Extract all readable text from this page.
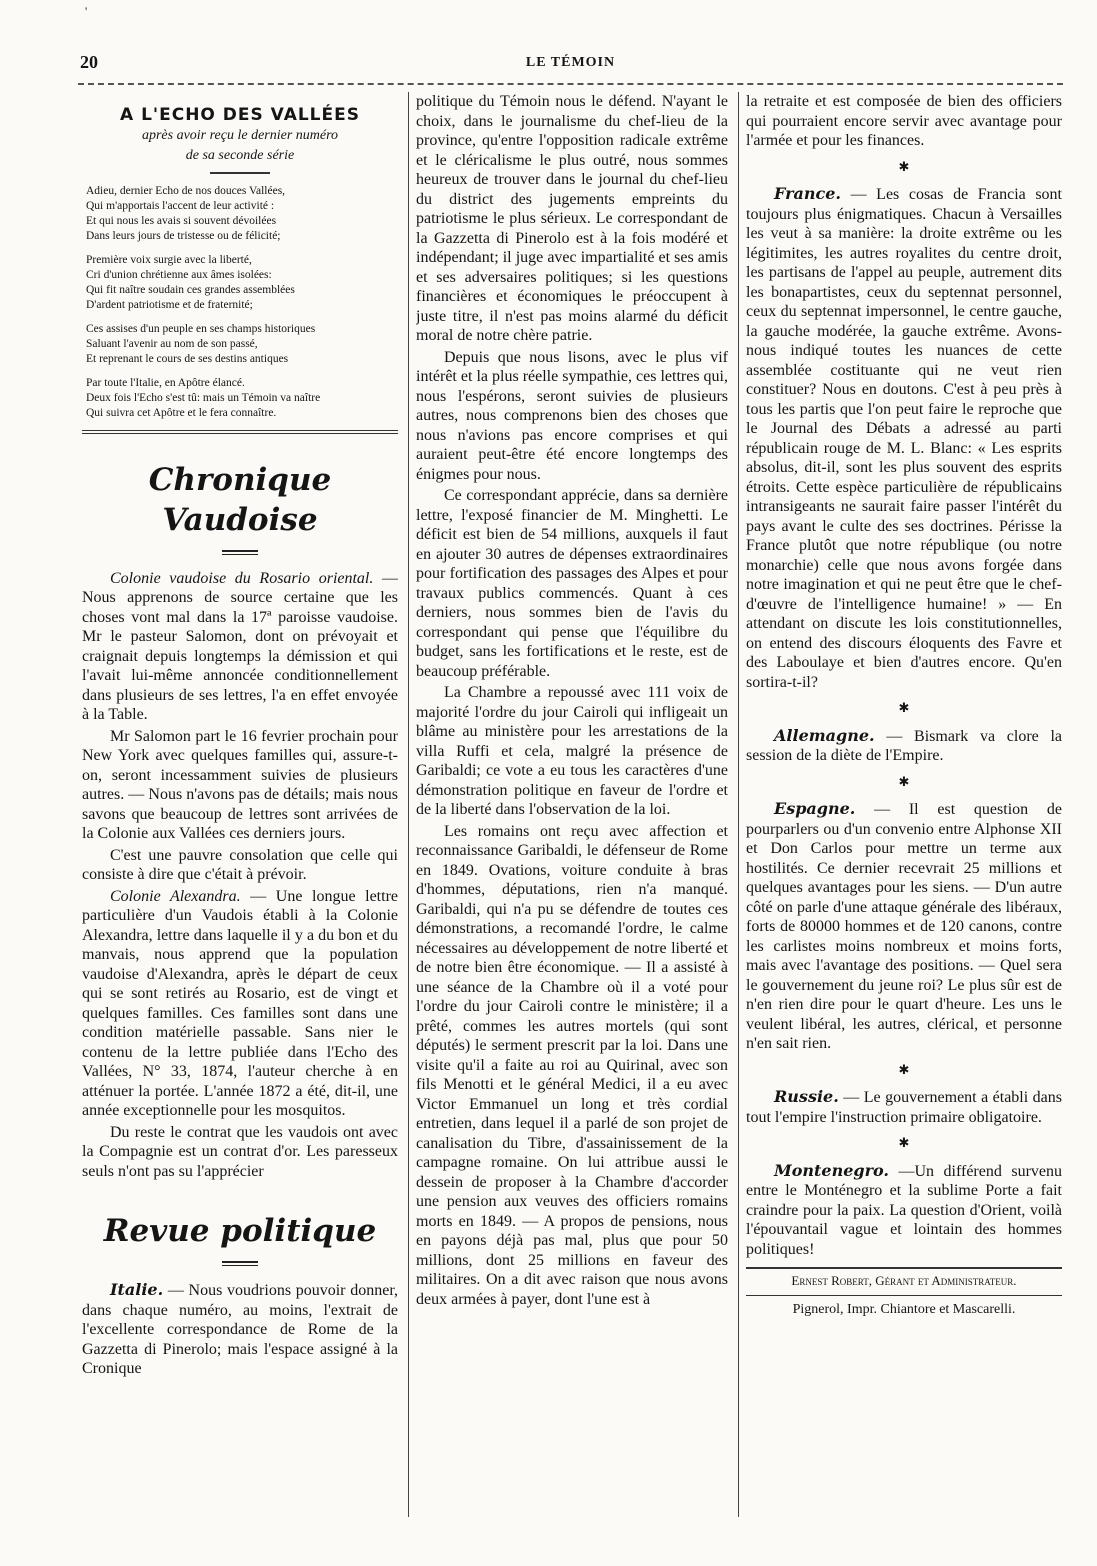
'
20	LE TÉMOIN
A L'ECHO DES VALLÉES
après avoir reçu le dernier numéro
de sa seconde série
Adieu, dernier Echo de nos douces Vallées,
Qui m'apportais l'accent de leur activité :
Et qui nous les avais si souvent dévoilées
Dans leurs jours de tristesse ou de félicité;
Première voix surgie avec la liberté,
Cri d'union chrétienne aux âmes isolées:
Qui fit naître soudain ces grandes assemblées
D'ardent patriotisme et de fraternité;
Ces assises d'un peuple en ses champs historiques
Saluant l'avenir au nom de son passé,
Et reprenant le cours de ses destins antiques
Par toute l'Italie, en Apôtre élancé.
Deux fois l'Echo s'est tû: mais un Témoin va naître
Qui suivra cet Apôtre et le fera connaître.
Chronique Vaudoise

Colonie vaudoise du Rosario oriental. — Nous apprenons de source certaine que les choses vont mal dans la 17ª paroisse vaudoise. Mr le pasteur Salomon, dont on prévoyait et craignait depuis longtemps la démission et qui l'avait lui-même annoncée conditionnellement dans plusieurs de ses lettres, l'a en effet envoyée à la Table.

Mr Salomon part le 16 fevrier prochain pour New York avec quelques familles qui, assure-t-on, seront incessamment suivies de plusieurs autres. — Nous n'avons pas de détails; mais nous savons que beaucoup de lettres sont arrivées de la Colonie aux Vallées ces derniers jours.

C'est une pauvre consolation que celle qui consiste à dire que c'était à prévoir.

Colonie Alexandra. — Une longue lettre particulière d'un Vaudois établi à la Colonie Alexandra, lettre dans laquelle il y a du bon et du manvais, nous apprend que la population vaudoise d'Alexandra, après le départ de ceux qui se sont retirés au Rosario, est de vingt et quelques familles. Ces familles sont dans une condition matérielle passable. Sans nier le contenu de la lettre publiée dans l'Echo des Vallées, N° 33, 1874, l'auteur cherche à en atténuer la portée. L'année 1872 a été, dit-il, une année exceptionnelle pour les mosquitos.

Du reste le contrat que les vaudois ont avec la Compagnie est un contrat d'or. Les paresseux seuls n'ont pas su l'apprécier

Revue politique

Italie. — Nous voudrions pouvoir donner, dans chaque numéro, au moins, l'extrait de l'excellente correspondance de Rome de la Gazzetta di Pinerolo; mais l'espace assigné à la Cronique

politique du Témoin nous le défend. N'ayant le choix, dans le journalisme du chef-lieu de la province, qu'entre l'opposition radicale extrême et le cléricalisme le plus outré, nous sommes heureux de trouver dans le journal du chef-lieu du district des jugements empreints du patriotisme le plus sérieux. Le correspondant de la Gazzetta di Pinerolo est à la fois modéré et indépendant; il juge avec impartialité et ses amis et ses adversaires politiques; si les questions financières et économiques le préoccupent à juste titre, il n'est pas moins alarmé du déficit moral de notre chère patrie.

Depuis que nous lisons, avec le plus vif intérêt et la plus réelle sympathie, ces lettres qui, nous l'espérons, seront suivies de plusieurs autres, nous comprenons bien des choses que nous n'avions pas encore comprises et qui auraient peut-être été encore longtemps des énigmes pour nous.

Ce correspondant apprécie, dans sa dernière lettre, l'exposé financier de M. Minghetti. Le déficit est bien de 54 millions, auxquels il faut en ajouter 30 autres de dépenses extraordinaires pour fortification des passages des Alpes et pour travaux publics commencés. Quant à ces derniers, nous sommes bien de l'avis du correspondant qui pense que l'équilibre du budget, sans les fortifications et le reste, est de beaucoup préférable.

La Chambre a repoussé avec 111 voix de majorité l'ordre du jour Cairoli qui infligeait un blâme au ministère pour les arrestations de la villa Ruffi et cela, malgré la présence de Garibaldi; ce vote a eu tous les caractères d'une démonstration politique en faveur de l'ordre et de la liberté dans l'observation de la loi.

Les romains ont reçu avec affection et reconnaissance Garibaldi, le défenseur de Rome en 1849. Ovations, voiture conduite à bras d'hommes, députations, rien n'a manqué. Garibaldi, qui n'a pu se défendre de toutes ces démonstrations, a recomandé l'ordre, le calme nécessaires au développement de notre liberté et de notre bien être économique. — Il a assisté à une séance de la Chambre où il a voté pour l'ordre du jour Cairoli contre le ministère; il a prêté, commes les autres mortels (qui sont députés) le serment prescrit par la loi. Dans une visite qu'il a faite au roi au Quirinal, avec son fils Menotti et le général Medici, il a eu avec Victor Emmanuel un long et très cordial entretien, dans lequel il a parlé de son projet de canalisation du Tibre, d'assainissement de la campagne romaine. On lui attribue aussi le dessein de proposer à la Chambre d'accorder une pension aux veuves des officiers romains morts en 1849. — A propos de pensions, nous en payons déjà pas mal, plus que pour 50 millions, dont 25 millions en faveur des militaires. On a dit avec raison que nous avons deux armées à payer, dont l'une est à

la retraite et est composée de bien des officiers qui pourraient encore servir avec avantage pour l'armée et pour les finances.

✱

France. — Les cosas de Francia sont toujours plus énigmatiques. Chacun à Versailles les veut à sa manière: la droite extrême ou les légitimites, les autres royalites du centre droit, les partisans de l'appel au peuple, autrement dits les bonapartistes, ceux du septennat personnel, ceux du septennat impersonnel, le centre gauche, la gauche modérée, la gauche extrême. Avons-nous indiqué toutes les nuances de cette assemblée costituante qui ne veut rien constituer? Nous en doutons. C'est à peu près à tous les partis que l'on peut faire le reproche que le Journal des Débats a adressé au parti républicain rouge de M. L. Blanc: « Les esprits absolus, dit-il, sont les plus souvent des esprits étroits. Cette espèce particulière de républicains intransigeants ne saurait faire passer l'intérêt du pays avant le culte des ses doctrines. Périsse la France plutôt que notre république (ou notre monarchie) celle que nous avons forgée dans notre imagination et qui ne peut être que le chef-d'œuvre de l'intelligence humaine! » — En attendant on discute les lois constitutionnelles, on entend des discours éloquents des Favre et des Laboulaye et bien d'autres encore. Qu'en sortira-t-il?

✱

Allemagne. — Bismark va clore la session de la diète de l'Empire.

✱

Espagne. — Il est question de pourparlers ou d'un convenio entre Alphonse XII et Don Carlos pour mettre un terme aux hostilités. Ce dernier recevrait 25 millions et quelques avantages pour les siens. — D'un autre côté on parle d'une attaque générale des libéraux, forts de 80000 hommes et de 120 canons, contre les carlistes moins nombreux et moins forts, mais avec l'avantage des positions. — Quel sera le gouvernement du jeune roi? Le plus sûr est de n'en rien dire pour le quart d'heure. Les uns le veulent libéral, les autres, clérical, et personne n'en sait rien.

✱

Russie. — Le gouvernement a établi dans tout l'empire l'instruction primaire obligatoire.

✱

Montenegro. —Un différend survenu entre le Monténegro et la sublime Porte a fait craindre pour la paix. La question d'Orient, voilà l'épouvantail vague et lointain des hommes politiques!

Ernest Robert, Gérant et Administrateur.
Pignerol, Impr. Chiantore et Mascarelli.
